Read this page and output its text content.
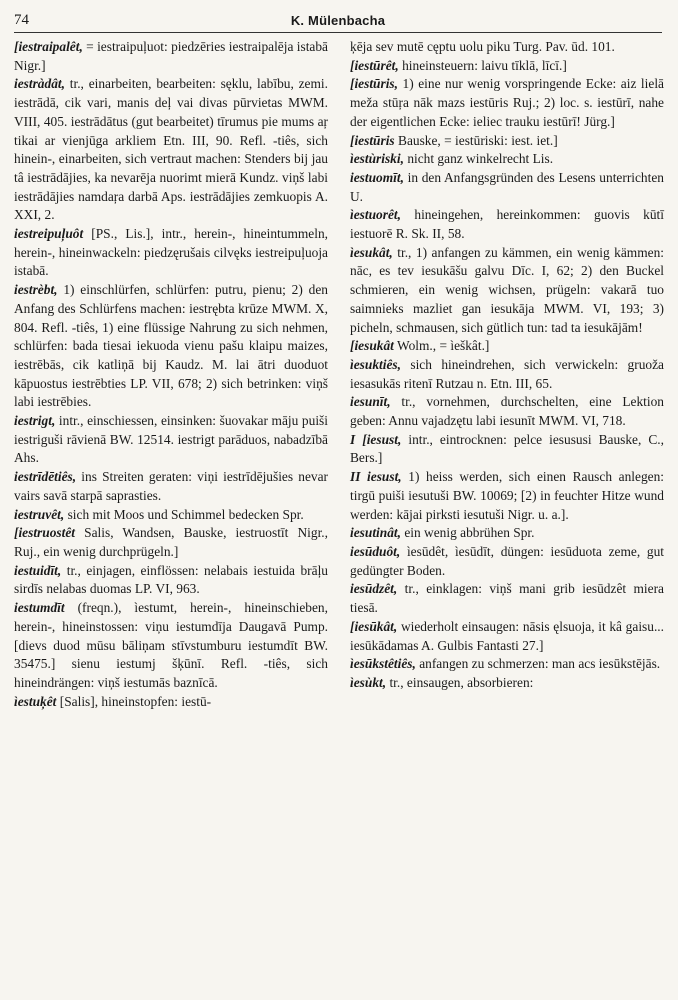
74	K. Mülenbacha

[iestraipalêt, = iestraipuļuot: piedzēries iestraipalēja istabā Nigr.]

iestràdât, tr., einarbeiten, bearbeiten: sęklu, labību, zemi. iestrādā, cik vari, manis deļ vai divas pūrvietas MWM. VIII, 405. iestrādātus (gut bearbeitet) tīrumus pie mums aŗ tikai ar vienjūga arkliem Etn. III, 90. Refl. -tiês, sich hinein-, einarbeiten, sich vertraut machen: Stenders bij jau tâ iestrādājies, ka nevarēja nuorimt mierā Kundz. viņš labi iestrādājies namdaŗa darbā Aps. iestrādājies zemkuopis A. XXI, 2.

iestreipuļuôt [PS., Lis.], intr., herein-, hineintummeln, herein-, hineinwackeln: piedzęrušais cilvęks iestreipuļuoja istabā.

iestrèbt, 1) einschlürfen, schlürfen: putru, pienu; 2) den Anfang des Schlürfens machen: iestrębta krūze MWM. X, 804. Refl. -tiês, 1) eine flüssige Nahrung zu sich nehmen, schlürfen: bada tiesai iekuoda vienu pašu klaipu maizes, iestrēbās, cik katliņā bij Kaudz. M. lai ātri duoduot kāpuostus iestrēbties LP. VII, 678; 2) sich betrinken: viņš labi iestrēbies.

iestrigt, intr., einschiessen, einsinken: šuovakar māju puiši iestriguši rāvienā BW. 12514. iestrigt parāduos, nabadzībā Ahs.

iestrīdētiês, ins Streiten geraten: viņi iestrīdējušies nevar vairs savā starpā saprasties.

iestruvêt, sich mit Moos und Schimmel bedecken Spr.

[iestruostêt Salis, Wandsen, Bauske, iestruostīt Nigr., Ruj., ein wenig durchprügeln.]

iestuidīt, tr., einjagen, einflössen: nelabais iestuida brāļu sirdīs nelabas duomas LP. VI, 963.

iestumdīt (freqn.), ìestumt, herein-, hineinschieben, herein-, hineinstossen: viņu iestumdīja Daugavā Pump. [dievs duod mūsu bāliņam stīvstumburu iestumdīt BW. 35475.] sienu iestumj šķūnī. Refl. -tiês, sich hineindrängen: viņš iestumās baznīcā.

ìestuķêt [Salis], hineinstopfen: iestū-

ķēja sev mutē cęptu uolu piku Turg. Pav. ūd. 101.

[iestūrêt, hineinsteuern: laivu tīklā, līcī.]

[iestūris, 1) eine nur wenig vorspringende Ecke: aiz lielā meža stūŗa nāk mazs iestūris Ruj.; 2) loc. s. iestūrī, nahe der eigentlichen Ecke: ieliec trauku iestūrī! Jürg.]

[iestūris Bauske, = iestūriski: iest. iet.]

ìestùriski, nicht ganz winkelrecht Lis.

iestuomīt, in den Anfangsgründen des Lesens unterrichten U.

ìestuorêt, hineingehen, hereinkommen: guovis kūtī iestuorē R. Sk. II, 58.

ìesukât, tr., 1) anfangen zu kämmen, ein wenig kämmen: nāc, es tev iesukāšu galvu Dīc. I, 62; 2) den Buckel schmieren, ein wenig wichsen, prügeln: vakarā tuo saimnieks mazliet gan iesukāja MWM. VI, 193; 3) picheln, schmausen, sich gütlich tun: tad ta iesukājām!

[iesukât Wolm., = ìeškât.]

ìesuktiês, sich hineindrehen, sich verwickeln: gruoža iesasukās ritenī Rutzau n. Etn. III, 65.

iesunīt, tr., vornehmen, durchschelten, eine Lektion geben: Annu vajadzętu labi iesunīt MWM. VI, 718.

I [iesust, intr., eintrocknen: pelce iesususi Bauske, C., Bers.]

II iesust, 1) heiss werden, sich einen Rausch anlegen: tirgū puiši iesutuši BW. 10069; [2) in feuchter Hitze wund werden: kājai pirksti iesutuši Nigr. u. a.].

iesutinât, ein wenig abbrühen Spr.

iesūduôt, ìesūdêt, ìesūdīt, düngen: iesūduota zeme, gut gedüngter Boden.

iesūdzêt, tr., einklagen: viņš mani grib iesūdzêt miera tiesā.

[iesūkât, wiederholt einsaugen: nāsis ęlsuoja, it kâ gaisu... iesūkādamas A. Gulbis Fantasti 27.]

ìesūkstêtiês, anfangen zu schmerzen: man acs iesūkstējās.

ìesùkt, tr., einsaugen, absorbieren:
